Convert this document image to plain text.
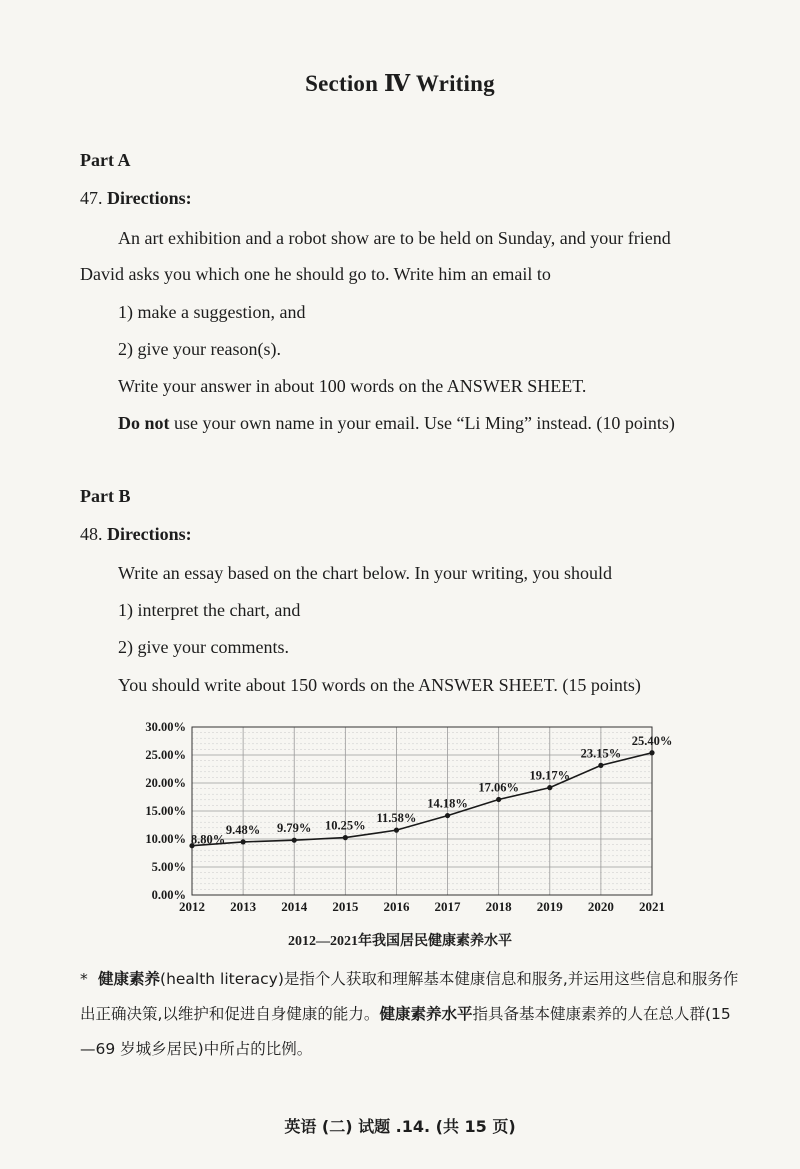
Section Ⅳ Writing
Part A
47. Directions:
An art exhibition and a robot show are to be held on Sunday, and your friend
David asks you which one he should go to. Write him an email to
1) make a suggestion, and
2) give your reason(s).
Write your answer in about 100 words on the ANSWER SHEET.
Do not use your own name in your email. Use “Li Ming” instead. (10 points)
Part B
48. Directions:
Write an essay based on the chart below. In your writing, you should
1) interpret the chart, and
2) give your comments.
You should write about 150 words on the ANSWER SHEET. (15 points)
0.00%
5.00%
10.00%
15.00%
20.00%
25.00%
30.00%
2012 2013 2014 2015 2016 2017 2018 2019 2020 2021
8.80%
9.48% 9.79% 10.25%
11.58%
14.18%
17.06%
19.17%
23.15%
25.40%
2012—2021年我国居民健康素养水平
* 健康素养(health literacy)是指个人获取和理解基本健康信息和服务,并运用这些信息和服务作出正确决策,以维护和促进自身健康的能力。健康素养水平指具备基本健康素养的人在总人群(15—69 岁城乡居民)中所占的比例。
英语 (二) 试题 .14. (共 15 页)
